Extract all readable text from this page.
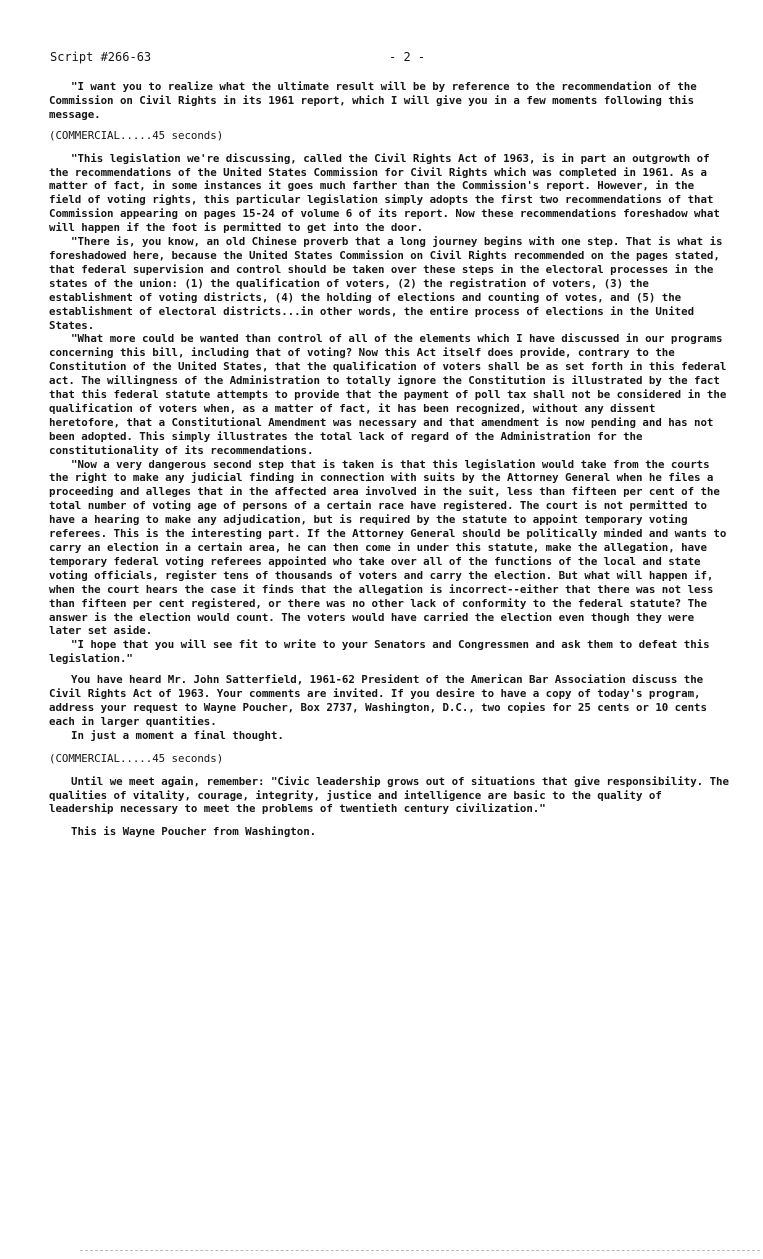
Script #266-63	- 2 -

"I want you to realize what the ultimate result will be by reference to the recommendation of the Commission on Civil Rights in its 1961 report, which I will give you in a few moments following this message.

(COMMERCIAL.....45 seconds)

"This legislation we're discussing, called the Civil Rights Act of 1963, is in part an outgrowth of the recommendations of the United States Commission for Civil Rights which was completed in 1961. As a matter of fact, in some instances it goes much farther than the Commission's report. However, in the field of voting rights, this particular legislation simply adopts the first two recommendations of that Commission appearing on pages 15-24 of volume 6 of its report. Now these recommendations foreshadow what will happen if the foot is permitted to get into the door.

"There is, you know, an old Chinese proverb that a long journey begins with one step. That is what is foreshadowed here, because the United States Commission on Civil Rights recommended on the pages stated, that federal supervision and control should be taken over these steps in the electoral processes in the states of the union: (1) the qualification of voters, (2) the registration of voters, (3) the establishment of voting districts, (4) the holding of elections and counting of votes, and (5) the establishment of electoral districts...in other words, the entire process of elections in the United States.

"What more could be wanted than control of all of the elements which I have discussed in our programs concerning this bill, including that of voting? Now this Act itself does provide, contrary to the Constitution of the United States, that the qualification of voters shall be as set forth in this federal act. The willingness of the Administration to totally ignore the Constitution is illustrated by the fact that this federal statute attempts to provide that the payment of poll tax shall not be considered in the qualification of voters when, as a matter of fact, it has been recognized, without any dissent heretofore, that a Constitutional Amendment was necessary and that amendment is now pending and has not been adopted. This simply illustrates the total lack of regard of the Administration for the constitutionality of its recommendations.

"Now a very dangerous second step that is taken is that this legislation would take from the courts the right to make any judicial finding in connection with suits by the Attorney General when he files a proceeding and alleges that in the affected area involved in the suit, less than fifteen per cent of the total number of voting age of persons of a certain race have registered. The court is not permitted to have a hearing to make any adjudication, but is required by the statute to appoint temporary voting referees. This is the interesting part. If the Attorney General should be politically minded and wants to carry an election in a certain area, he can then come in under this statute, make the allegation, have temporary federal voting referees appointed who take over all of the functions of the local and state voting officials, register tens of thousands of voters and carry the election. But what will happen if, when the court hears the case it finds that the allegation is incorrect--either that there was not less than fifteen per cent registered, or there was no other lack of conformity to the federal statute? The answer is the election would count. The voters would have carried the election even though they were later set aside.

"I hope that you will see fit to write to your Senators and Congressmen and ask them to defeat this legislation."

You have heard Mr. John Satterfield, 1961-62 President of the American Bar Association discuss the Civil Rights Act of 1963. Your comments are invited. If you desire to have a copy of today's program, address your request to Wayne Poucher, Box 2737, Washington, D.C., two copies for 25 cents or 10 cents each in larger quantities.

In just a moment a final thought.

(COMMERCIAL.....45 seconds)

Until we meet again, remember: "Civic leadership grows out of situations that give responsibility. The qualities of vitality, courage, integrity, justice and intelligence are basic to the quality of leadership necessary to meet the problems of twentieth century civilization."

This is Wayne Poucher from Washington.
